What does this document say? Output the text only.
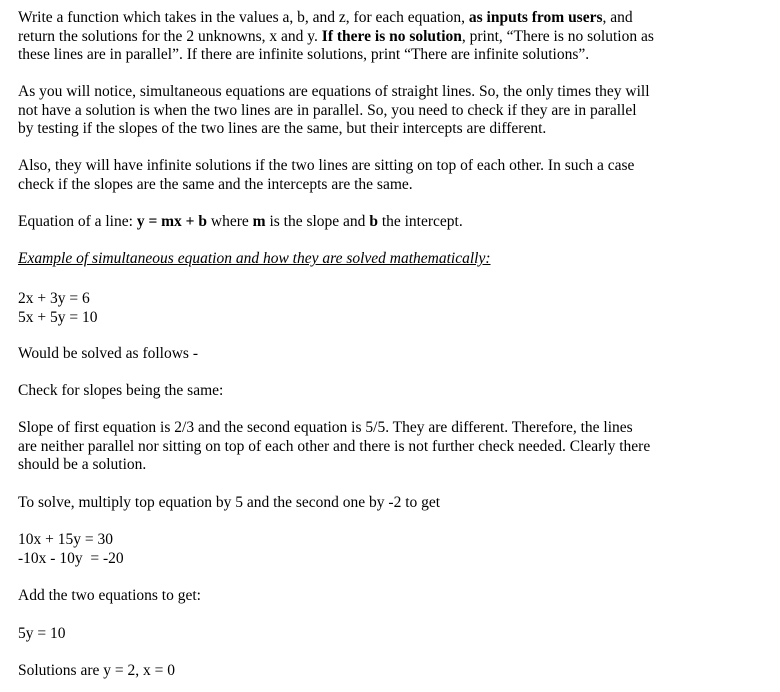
Write a function which takes in the values a, b, and z, for each equation, as inputs from users, and
return the solutions for the 2 unknowns, x and y. If there is no solution, print, “There is no solution as
these lines are in parallel”. If there are infinite solutions, print “There are infinite solutions”.

As you will notice, simultaneous equations are equations of straight lines. So, the only times they will
not have a solution is when the two lines are in parallel. So, you need to check if they are in parallel
by testing if the slopes of the two lines are the same, but their intercepts are different.

Also, they will have infinite solutions if the two lines are sitting on top of each other. In such a case
check if the slopes are the same and the intercepts are the same.

Equation of a line: y = mx + b where m is the slope and b the intercept.

Example of simultaneous equation and how they are solved mathematically:

2x + 3y = 6
5x + 5y = 10

Would be solved as follows -

Check for slopes being the same:

Slope of first equation is 2/3 and the second equation is 5/5. They are different. Therefore, the lines
are neither parallel nor sitting on top of each other and there is not further check needed. Clearly there
should be a solution.

To solve, multiply top equation by 5 and the second one by -2 to get

10x + 15y = 30
-10x - 10y  = -20

Add the two equations to get:

5y = 10

Solutions are y = 2, x = 0
